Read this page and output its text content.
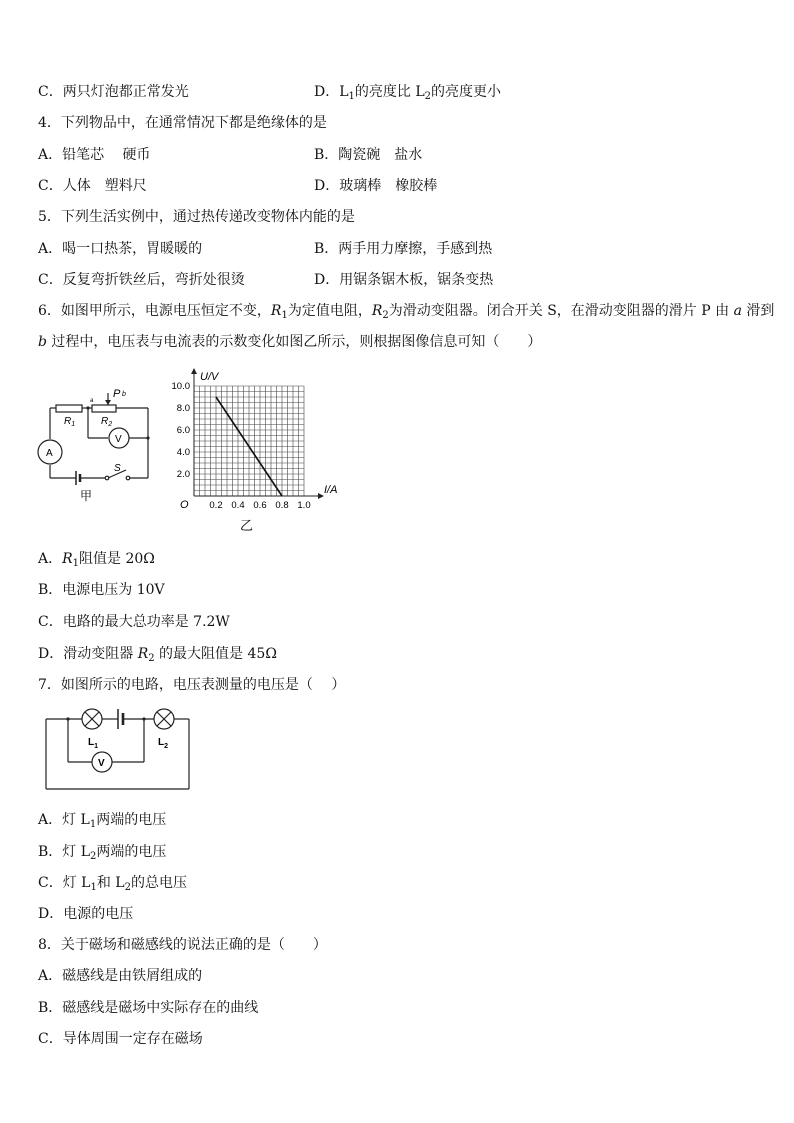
C．两只灯泡都正常发光	D．$L_1$的亮度比 $L_2$的亮度更小
4．下列物品中，在通常情况下都是绝缘体的是
A．铅笔芯　 硬币	B．陶瓷碗　盐水
C．人体　塑料尺	D．玻璃棒　橡胶棒
5．下列生活实例中，通过热传递改变物体内能的是
A．喝一口热茶，胃暖暖的	B．两手用力摩擦，手感到热
C．反复弯折铁丝后，弯折处很烫	D．用锯条锯木板，锯条变热
6．如图甲所示，电源电压恒定不变，$R_1$为定值电阻，$R_2$为滑动变阻器。闭合开关 S，在滑动变阻器的滑片 P 由 a 滑到
b 过程中，电压表与电流表的示数变化如图乙所示，则根据图像信息可知（　　）
A
V
P b
a
$R_1$	$R_2$
S
甲
0.2 0.4 0.6 0.8 1.0
2.0
4.0
6.0
8.0
10.0
U/V
I/A
O
乙
A．$R_1$阻值是 20Ω
B．电源电压为 10V
C．电路的最大总功率是 7.2W
D．滑动变阻器 $R_2$ 的最大阻值是 45Ω
7．如图所示的电路，电压表测量的电压是（　 ）
V
$L_1$	$L_2$
A．灯 $L_1$两端的电压
B．灯 $L_2$两端的电压
C．灯 $L_1$和 $L_2$的总电压
D．电源的电压
8．关于磁场和磁感线的说法正确的是（　　）
A．磁感线是由铁屑组成的
B．磁感线是磁场中实际存在的曲线
C．导体周围一定存在磁场
